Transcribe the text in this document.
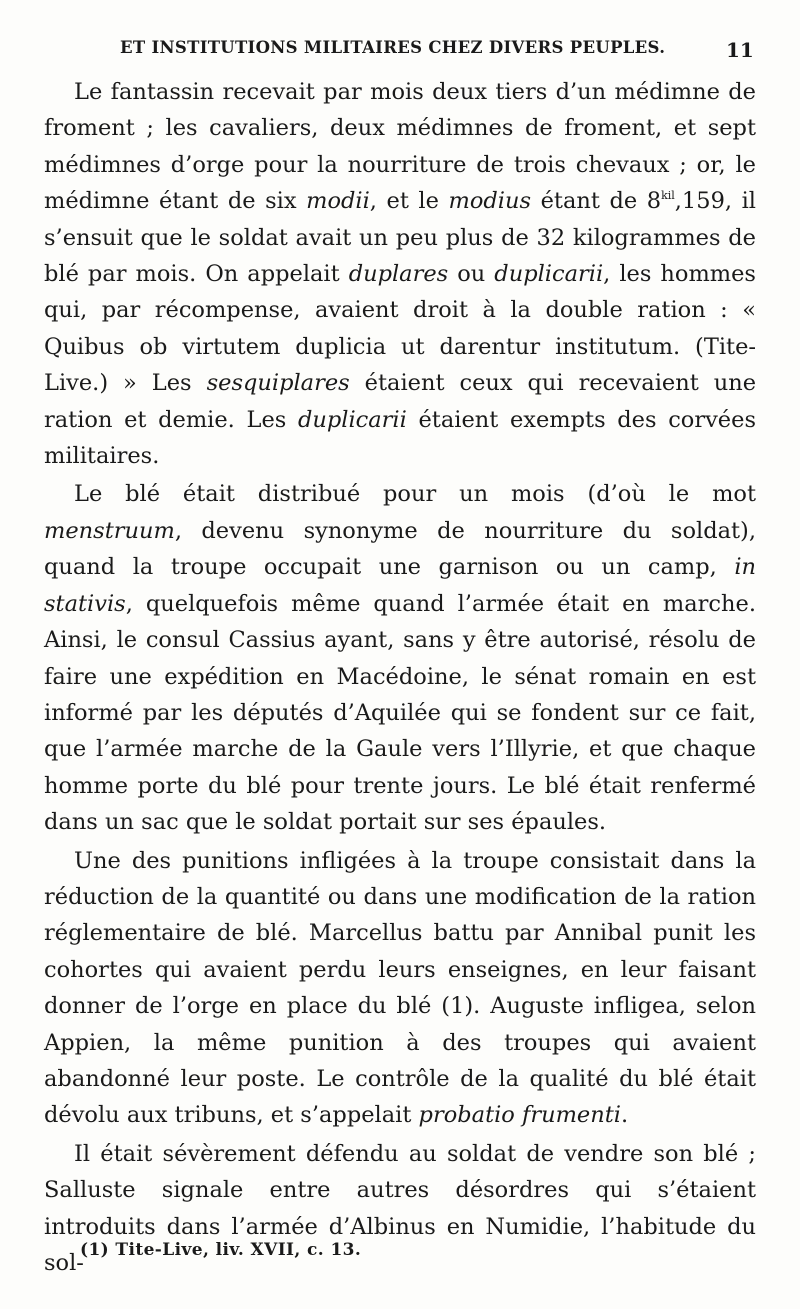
ET INSTITUTIONS MILITAIRES CHEZ DIVERS PEUPLES.	11

Le fantassin recevait par mois deux tiers d’un médimne de froment ; les cavaliers, deux médimnes de froment, et sept médimnes d’orge pour la nourriture de trois chevaux ; or, le médimne étant de six modii, et le modius étant de $8^{kil},159$, il s’ensuit que le soldat avait un peu plus de 32 kilogrammes de blé par mois. On appelait duplares ou duplicarii, les hommes qui, par récompense, avaient droit à la double ration : « Quibus ob virtutem duplicia ut darentur institutum. (Tite-Live.) » Les sesquiplares étaient ceux qui recevaient une ration et demie. Les duplicarii étaient exempts des corvées militaires.

Le blé était distribué pour un mois (d’où le mot menstruum, devenu synonyme de nourriture du soldat), quand la troupe occupait une garnison ou un camp, in stativis, quelquefois même quand l’armée était en marche. Ainsi, le consul Cassius ayant, sans y être autorisé, résolu de faire une expédition en Macédoine, le sénat romain en est informé par les députés d’Aquilée qui se fondent sur ce fait, que l’armée marche de la Gaule vers l’Illyrie, et que chaque homme porte du blé pour trente jours. Le blé était renfermé dans un sac que le soldat portait sur ses épaules.

Une des punitions infligées à la troupe consistait dans la réduction de la quantité ou dans une modification de la ration réglementaire de blé. Marcellus battu par Annibal punit les cohortes qui avaient perdu leurs enseignes, en leur faisant donner de l’orge en place du blé (1). Auguste infligea, selon Appien, la même punition à des troupes qui avaient abandonné leur poste. Le contrôle de la qualité du blé était dévolu aux tribuns, et s’appelait probatio frumenti.

Il était sévèrement défendu au soldat de vendre son blé ; Salluste signale entre autres désordres qui s’étaient introduits dans l’armée d’Albinus en Numidie, l’habitude du sol-

(1) Tite-Live, liv. XVII, c. 13.
